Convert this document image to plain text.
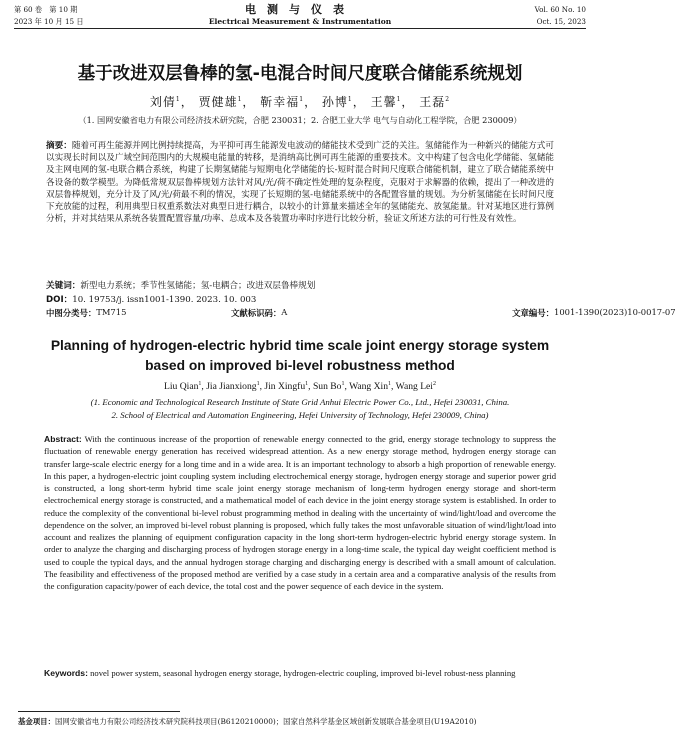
第 60 卷　第 10 期
2023 年 10 月 15 日
电测与仪表
Electrical Measurement & Instrumentation
Vol. 60 No. 10
Oct. 15, 2023
基于改进双层鲁棒的氢-电混合时间尺度联合储能系统规划
刘倩$^1$， 贾健雄$^1$， 靳幸福$^1$， 孙博$^1$， 王馨$^1$， 王磊$^2$
（1. 国网安徽省电力有限公司经济技术研究院，合肥 230031；2. 合肥工业大学 电气与自动化工程学院，合肥 230009）
摘要：随着可再生能源并网比例持续提高，为平抑可再生能源发电波动的储能技术受到广泛的关注。氢储能作为一种新兴的储能方式可以实现长时间以及广域空间范围内的大规模电能量的转移，是消纳高比例可再生能源的重要技术。文中构建了包含电化学储能、氢储能及主网电网的氢-电联合耦合系统，构建了长期氢储能与短期电化学储能的长-短时混合时间尺度联合储能机制，建立了联合储能系统中各设备的数学模型。为降低常规双层鲁棒规划方法针对风/光/荷不确定性处理的复杂程度，克服对于求解器的依赖，提出了一种改进的双层鲁棒规划，充分计及了风/光/荷最不利的情况，实现了长短期的氢-电储能系统中的各配置容量的规划。为分析氢储能在长时间尺度下充放能的过程，利用典型日权重系数法对典型日进行耦合，以较小的计算量来描述全年的氢储能充、放氢能量。针对某地区进行算例分析，并对其结果从系统各装置配置容量/功率、总成本及各装置功率时序进行比较分析，验证文所述方法的可行性及有效性。
关键词：新型电力系统；季节性氢储能；氢-电耦合；改进双层鲁棒规划
DOI：10. 19753/j. issn1001-1390. 2023. 10. 003
中图分类号： TM715	文献标识码： A	文章编号： 1001-1390(2023)10-0017-07
Planning of hydrogen-electric hybrid time scale joint energy storage system based on improved bi-level robustness method
Liu Qian$^1$, Jia Jianxiong$^1$, Jin Xingfu$^1$, Sun Bo$^1$, Wang Xin$^1$, Wang Lei$^2$
(1. Economic and Technological Research Institute of State Grid Anhui Electric Power Co., Ltd., Hefei 230031, China.
2. School of Electrical and Automation Engineering, Hefei University of Technology, Hefei 230009, China)
Abstract: With the continuous increase of the proportion of renewable energy connected to the grid, energy storage technology to suppress the fluctuation of renewable energy generation has received widespread attention. As a new energy storage method, hydrogen energy storage can transfer large-scale electric energy for a long time and in a wide area. It is an important technology to absorb a high proportion of renewable energy. In this paper, a hydrogen-electric joint coupling system including electrochemical energy storage, hydrogen energy storage and superior power grid is constructed, a long short-term hybrid time scale joint energy storage mechanism of long-term hydrogen energy storage and short-term electrochemical energy storage is constructed, and a mathematical model of each device in the joint energy storage system is established. In order to reduce the complexity of the conventional bi-level robust programming method in dealing with the uncertainty of wind/light/load and overcome the dependence on the solver, an improved bi-level robust planning is proposed, which fully takes the most unfavorable situation of wind/light/load into account and realizes the planning of equipment configuration capacity in the long short-term hydrogen-electric hybrid energy storage system. In order to analyze the charging and discharging process of hydrogen storage energy in a long-time scale, the typical day weight coefficient method is used to couple the typical days, and the annual hydrogen storage charging and discharging energy is described with a small amount of calculation. The feasibility and effectiveness of the proposed method are verified by a case study in a certain area and a comparative analysis of the results from the configuration capacity/power of each device, the total cost and the power sequence of each device in the system.
Keywords: novel power system, seasonal hydrogen energy storage, hydrogen-electric coupling, improved bi-level robust-ness planning
基金项目：国网安徽省电力有限公司经济技术研究院科技项目(B6120210000)；国家自然科学基金区域创新发展联合基金项目(U19A2010)
